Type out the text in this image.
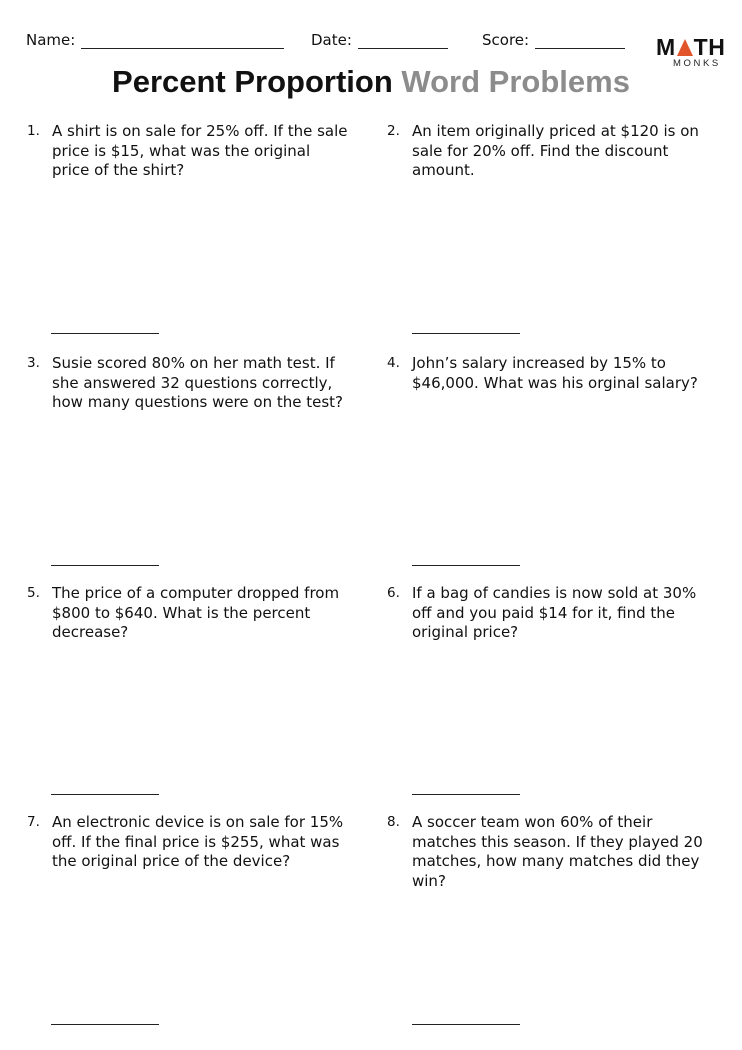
Name:	Date:	Score:	M TH
MONKS
Percent Proportion Word Problems
1. A shirt is on sale for 25% off. If the sale price is $15, what was the original price of the shirt?
2. An item originally priced at $120 is on sale for 20% off. Find the discount amount.
3. Susie scored 80% on her math test. If she answered 32 questions correctly, how many questions were on the test?
4. John’s salary increased by 15% to $46,000. What was his orginal salary?
5. The price of a computer dropped from $800 to $640. What is the percent decrease?
6. If a bag of candies is now sold at 30% off and you paid $14 for it, find the original price?
7. An electronic device is on sale for 15% off. If the final price is $255, what was the original price of the device?
8. A soccer team won 60% of their matches this season. If they played 20 matches, how many matches did they win?
